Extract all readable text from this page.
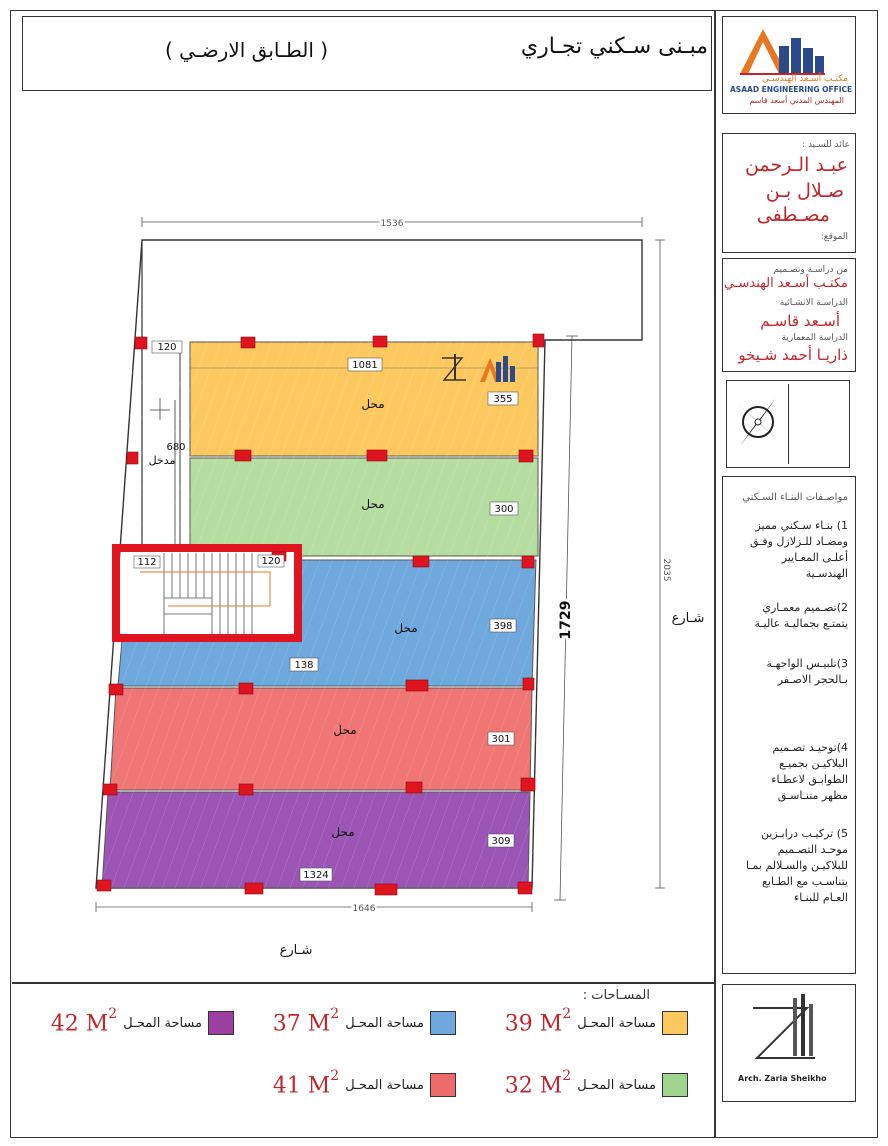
مبـنى سـكني تجـاري
( الطـابق الارضـي )
مكتـب أسـعد الهندسـي
ASAAD ENGINEERING OFFICE
المهندس المدني أسعد قاسم
عائد للسـيد :
عبـد الـرحمن
صـلال بـن
مصـطفى
الموقع:
من دراسـة وتصـميم
مكتـب أسـعد الهندسـي
الدراسـة الانشـائية
أسـعد قاسـم
الدراسة المعمارية
ذاريـا أحمد شـيخو
مواصـفات البنـاء السـكني
1) بنـاء سـكني مميز ومضـاد للـزلازل وفـق أعلـى المعـايير الهندسـية
2)تصـميم معمـاري يتمتـع بجماليـة عاليـة
3)تلبيـس الواجهـة بـالحجر الاصـفر
4)توحيـد تصـميم البلاكيـن بجميـع الطوابـق لاعطـاء مظهر متنـاسـق
5) تركيـب درابـزين موحـد التصـميم للبلاكيـن والسـلالم بمـا يتناسـب مع الطـابع العـام للبنـاء
Arch. Zaria Sheikho
1536
1646
2035
1729
120
1081
355
300
398
301
309
1324
138
112	120
680
محل
محل
محل
محل
محل
مدخل
شـارع
شـارع
المسـاحات :
مساحة المحـل
39 $M^2$
مساحة المحـل
37 $M^2$
مساحة المحـل
42 $M^2$
مساحة المحـل
32 $M^2$
مساحة المحـل
41 $M^2$
